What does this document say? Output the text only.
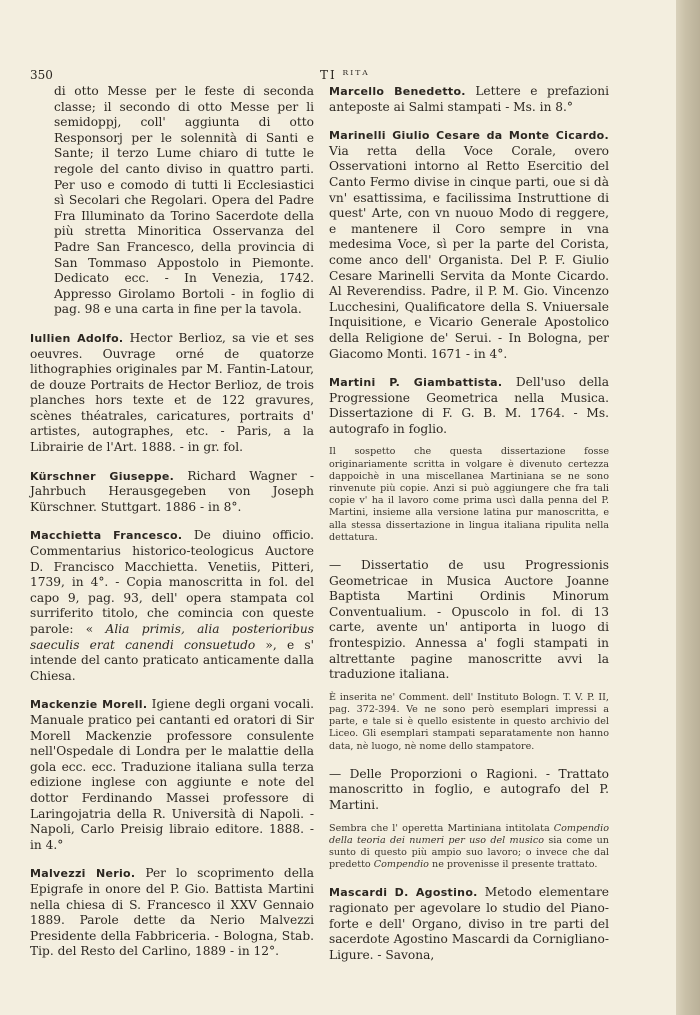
350	TI ᴿᴵᵀᴬ
di otto Messe per le feste di seconda classe; il secondo di otto Messe per li semidoppj, coll' aggiunta di otto Responsorj per le solennità di Santi e Sante; il terzo Lume chiaro di tutte le regole del canto diviso in quattro parti. Per uso e comodo di tutti li Ecclesiastici sì Secolari che Regolari. Opera del Padre Fra Illuminato da Torino Sacerdote della più stretta Minoritica Osservanza del Padre San Francesco, della provincia di San Tommaso Appostolo in Piemonte. Dedicato ecc. - In Venezia, 1742. Appresso Girolamo Bortoli - in foglio di pag. 98 e una carta in fine per la tavola.
Iullien Adolfo. Hector Berlioz, sa vie et ses oeuvres. Ouvrage orné de quatorze lithographies originales par M. Fantin-Latour, de douze Portraits de Hector Berlioz, de trois planches hors texte et de 122 gravures, scènes théatrales, caricatures, portraits d' artistes, autographes, etc. - Paris, a la Librairie de l'Art. 1888. - in gr. fol.
Kürschner Giuseppe. Richard Wagner - Jahrbuch Herausgegeben von Joseph Kürschner. Stuttgart. 1886 - in 8°.
Macchietta Francesco. De diuino officio. Commentarius historico-teologicus Auctore D. Francisco Macchietta. Venetiis, Pitteri, 1739, in 4°. - Copia manoscritta in fol. del capo 9, pag. 93, dell' opera stampata col surriferito titolo, che comincia con queste parole: « Alia primis, alia posterioribus saeculis erat canendi consuetudo », e s' intende del canto praticato anticamente dalla Chiesa.
Mackenzie Morell. Igiene degli organi vocali. Manuale pratico pei cantanti ed oratori di Sir Morell Mackenzie professore consulente nell'Ospedale di Londra per le malattie della gola ecc. ecc. Traduzione italiana sulla terza edizione inglese con aggiunte e note del dottor Ferdinando Massei professore di Laringojatria della R. Università di Napoli. - Napoli, Carlo Preisig libraio editore. 1888. - in 4.°
Malvezzi Nerio. Per lo scoprimento della Epigrafe in onore del P. Gio. Battista Martini nella chiesa di S. Francesco il XXV Gennaio 1889. Parole dette da Nerio Malvezzi Presidente della Fabbriceria. - Bologna, Stab. Tip. del Resto del Carlino, 1889 - in 12°.
Marcello Benedetto. Lettere e prefazioni anteposte ai Salmi stampati - Ms. in 8.°
Marinelli Giulio Cesare da Monte Cicardo. Via retta della Voce Corale, overo Osservationi intorno al Retto Esercitio del Canto Fermo divise in cinque parti, oue si dà vn' esattissima, e facilissima Instruttione di quest' Arte, con vn nuouo Modo di reggere, e mantenere il Coro sempre in vna medesima Voce, sì per la parte del Corista, come anco dell' Organista. Del P. F. Giulio Cesare Marinelli Servita da Monte Cicardo. Al Reverendiss. Padre, il P. M. Gio. Vincenzo Lucchesini, Qualificatore della S. Vniuersale Inquisitione, e Vicario Generale Apostolico della Religione de' Serui. - In Bologna, per Giacomo Monti. 1671 - in 4°.
Martini P. Giambattista. Dell'uso della Progressione Geometrica nella Musica. Dissertazione di F. G. B. M. 1764. - Ms. autografo in foglio.
Il sospetto che questa dissertazione fosse originariamente scritta in volgare è divenuto certezza dappoichè in una miscellanea Martiniana se ne sono rinvenute più copie. Anzi si può aggiungere che fra tali copie v' ha il lavoro come prima uscì dalla penna del P. Martini, insieme alla versione latina pur manoscritta, e alla stessa dissertazione in lingua italiana ripulita nella dettatura.
— Dissertatio de usu Progressionis Geometricae in Musica Auctore Joanne Baptista Martini Ordinis Minorum Conventualium. - Opuscolo in fol. di 13 carte, avente un' antiporta in luogo di frontespizio. Annessa a' fogli stampati in altrettante pagine manoscritte avvi la traduzione italiana.
È inserita ne' Comment. dell' Instituto Bologn. T. V. P. II, pag. 372-394. Ve ne sono però esemplari impressi a parte, e tale si è quello esistente in questo archivio del Liceo. Gli esemplari stampati separatamente non hanno data, nè luogo, nè nome dello stampatore.
— Delle Proporzioni o Ragioni. - Trattato manoscritto in foglio, e autografo del P. Martini.
Sembra che l' operetta Martiniana intitolata Compendio della teoria dei numeri per uso del musico sia come un sunto di questo più ampio suo lavoro; o invece che dal predetto Compendio ne provenisse il presente trattato.
Mascardi D. Agostino. Metodo elementare ragionato per agevolare lo studio del Piano-forte e dell' Organo, diviso in tre parti del sacerdote Agostino Mascardi da Corniglianо-Ligure. - Savona,
